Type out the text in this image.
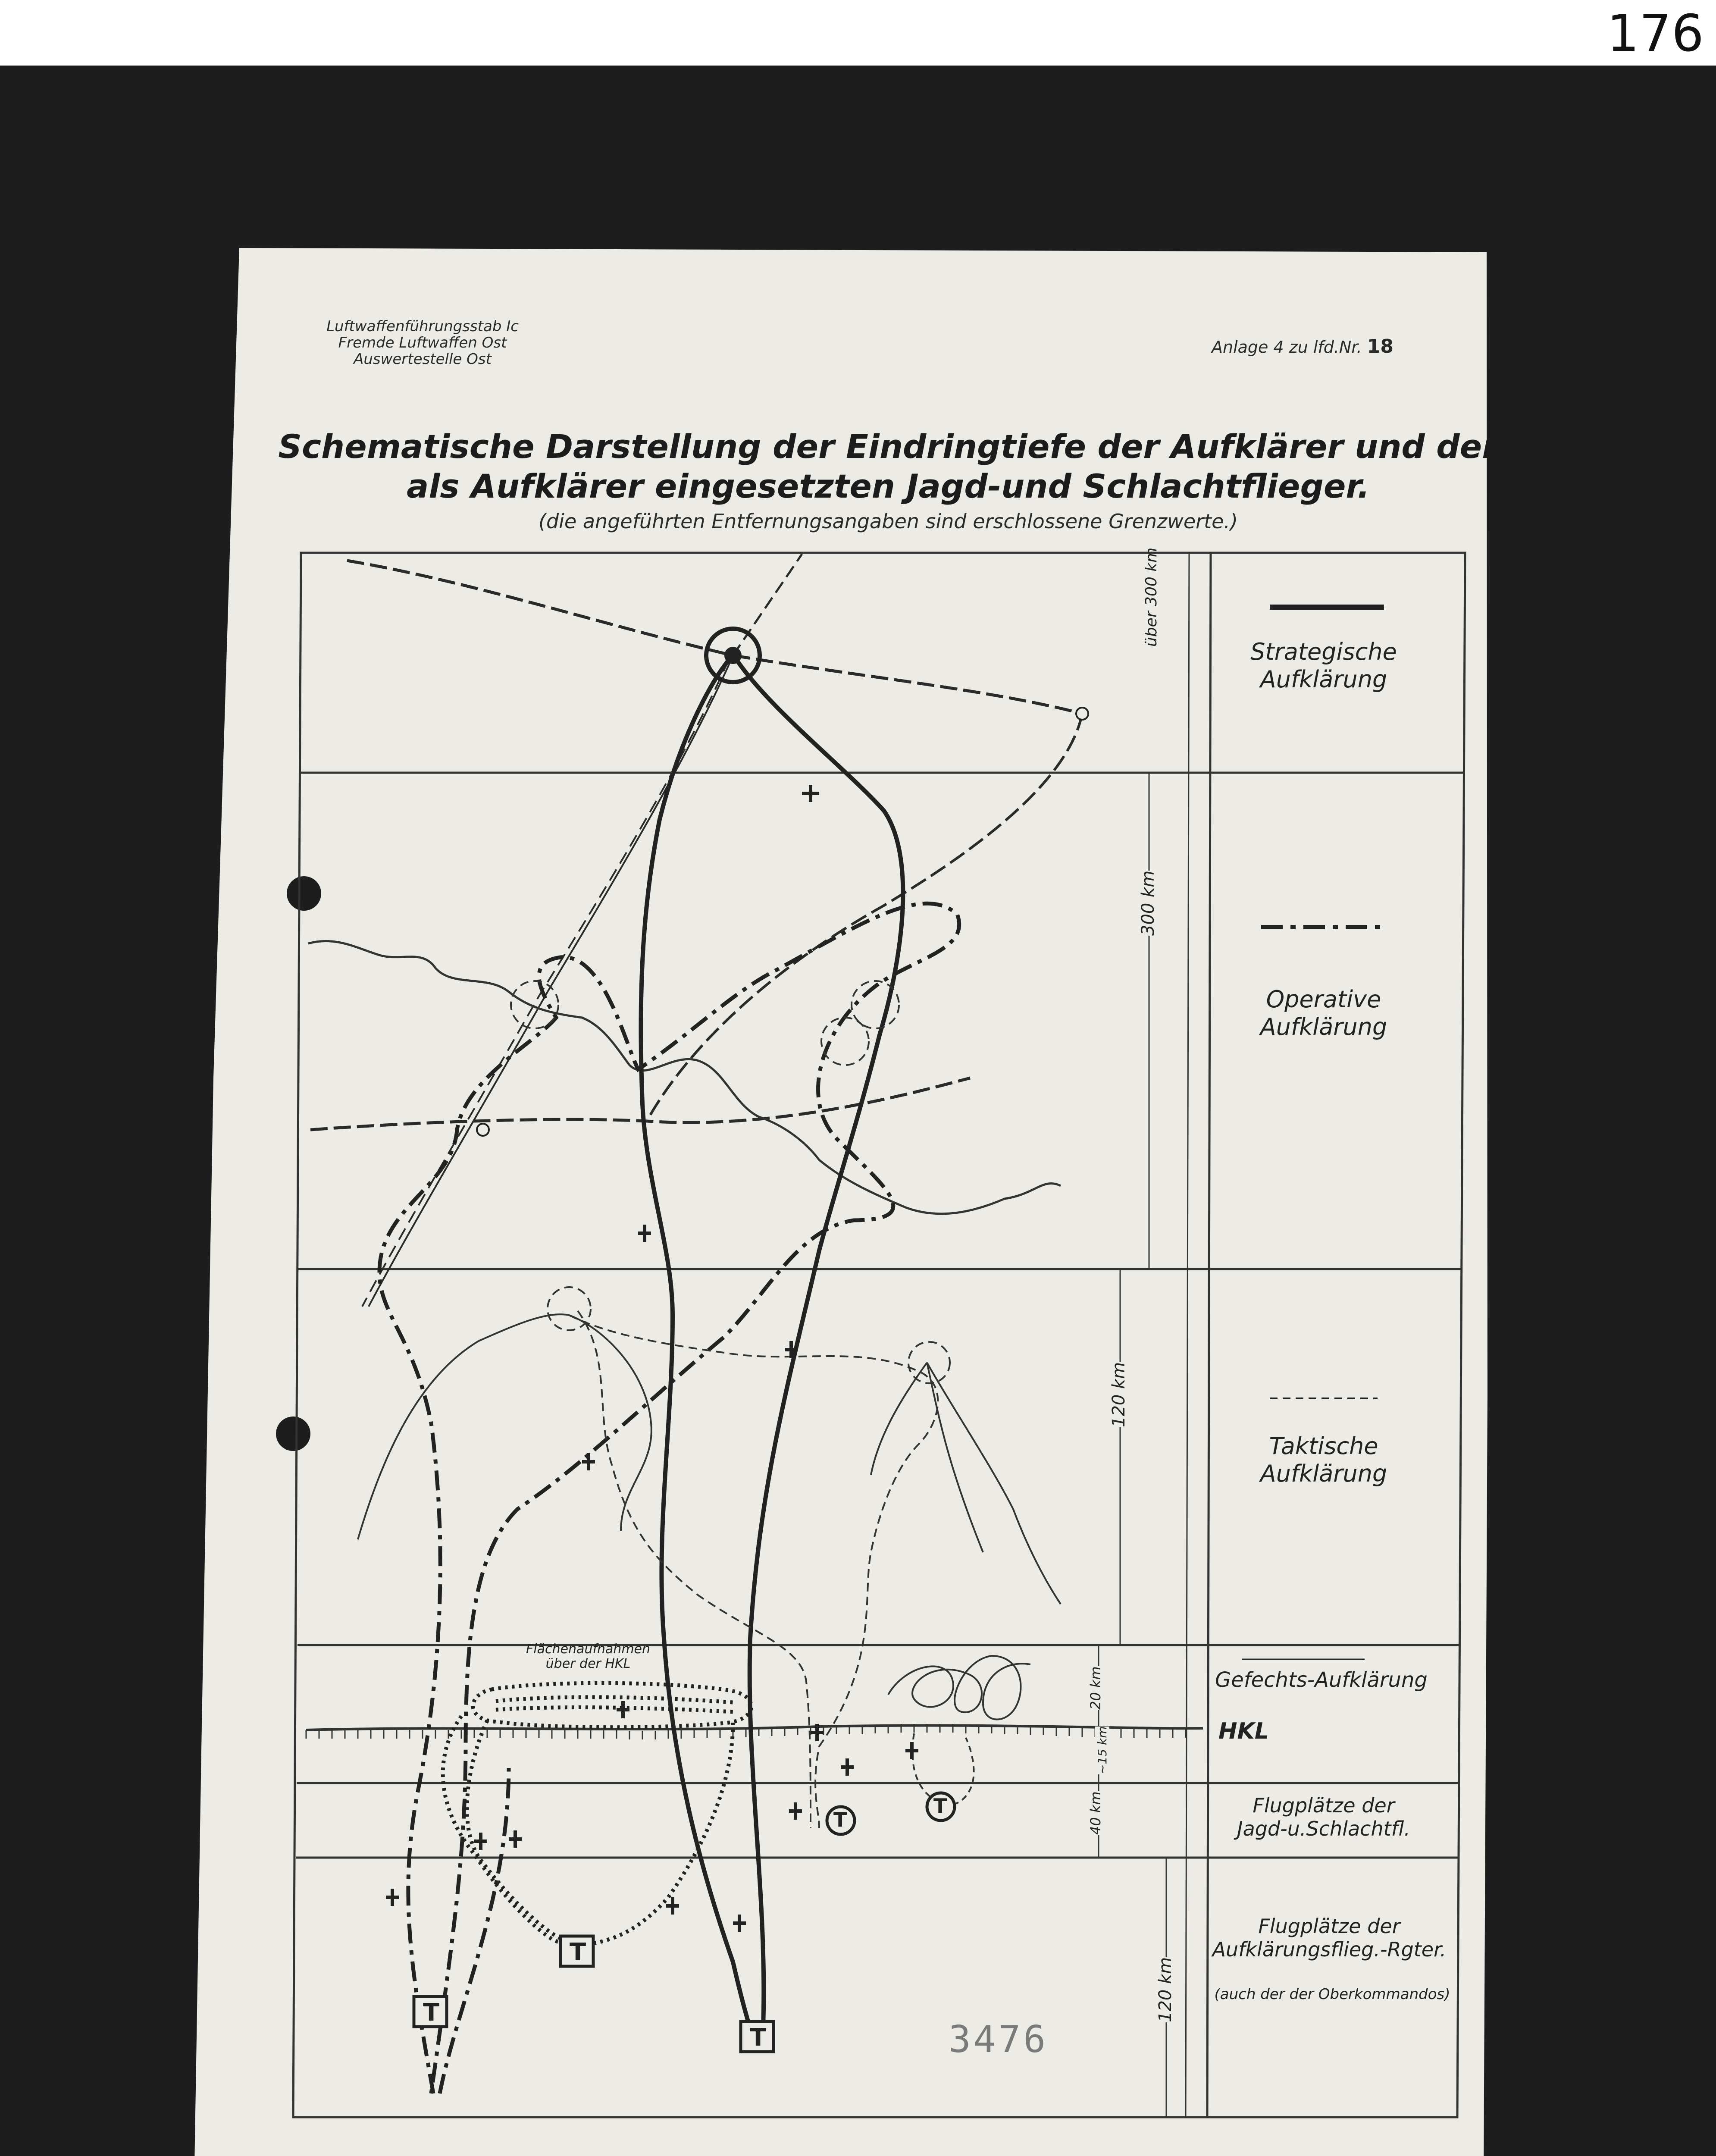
176
T
T
T
T
T
Luftwaffenführungsstab Ic
Fremde Luftwaffen Ost
Auswertestelle Ost
Anlage 4 zu lfd.Nr. 18
Schematische Darstellung der Eindringtiefe der Aufklärer und der
als Aufklärer eingesetzten Jagd-und Schlachtflieger.
(die angeführten Entfernungsangaben sind erschlossene Grenzwerte.)
Strategische
Aufklärung
Operative
Aufklärung
Taktische
Aufklärung
Gefechts-Aufklärung
HKL
Flugplätze der
Jagd-u.Schlachtfl.
Flugplätze der
Aufklärungsflieg.-Rgter.
(auch der der Oberkommandos)
über 300 km
300 km
120 km
20 km
~15 km
40 km
120 km
Flächenaufnahmen
über der HKL
3476
